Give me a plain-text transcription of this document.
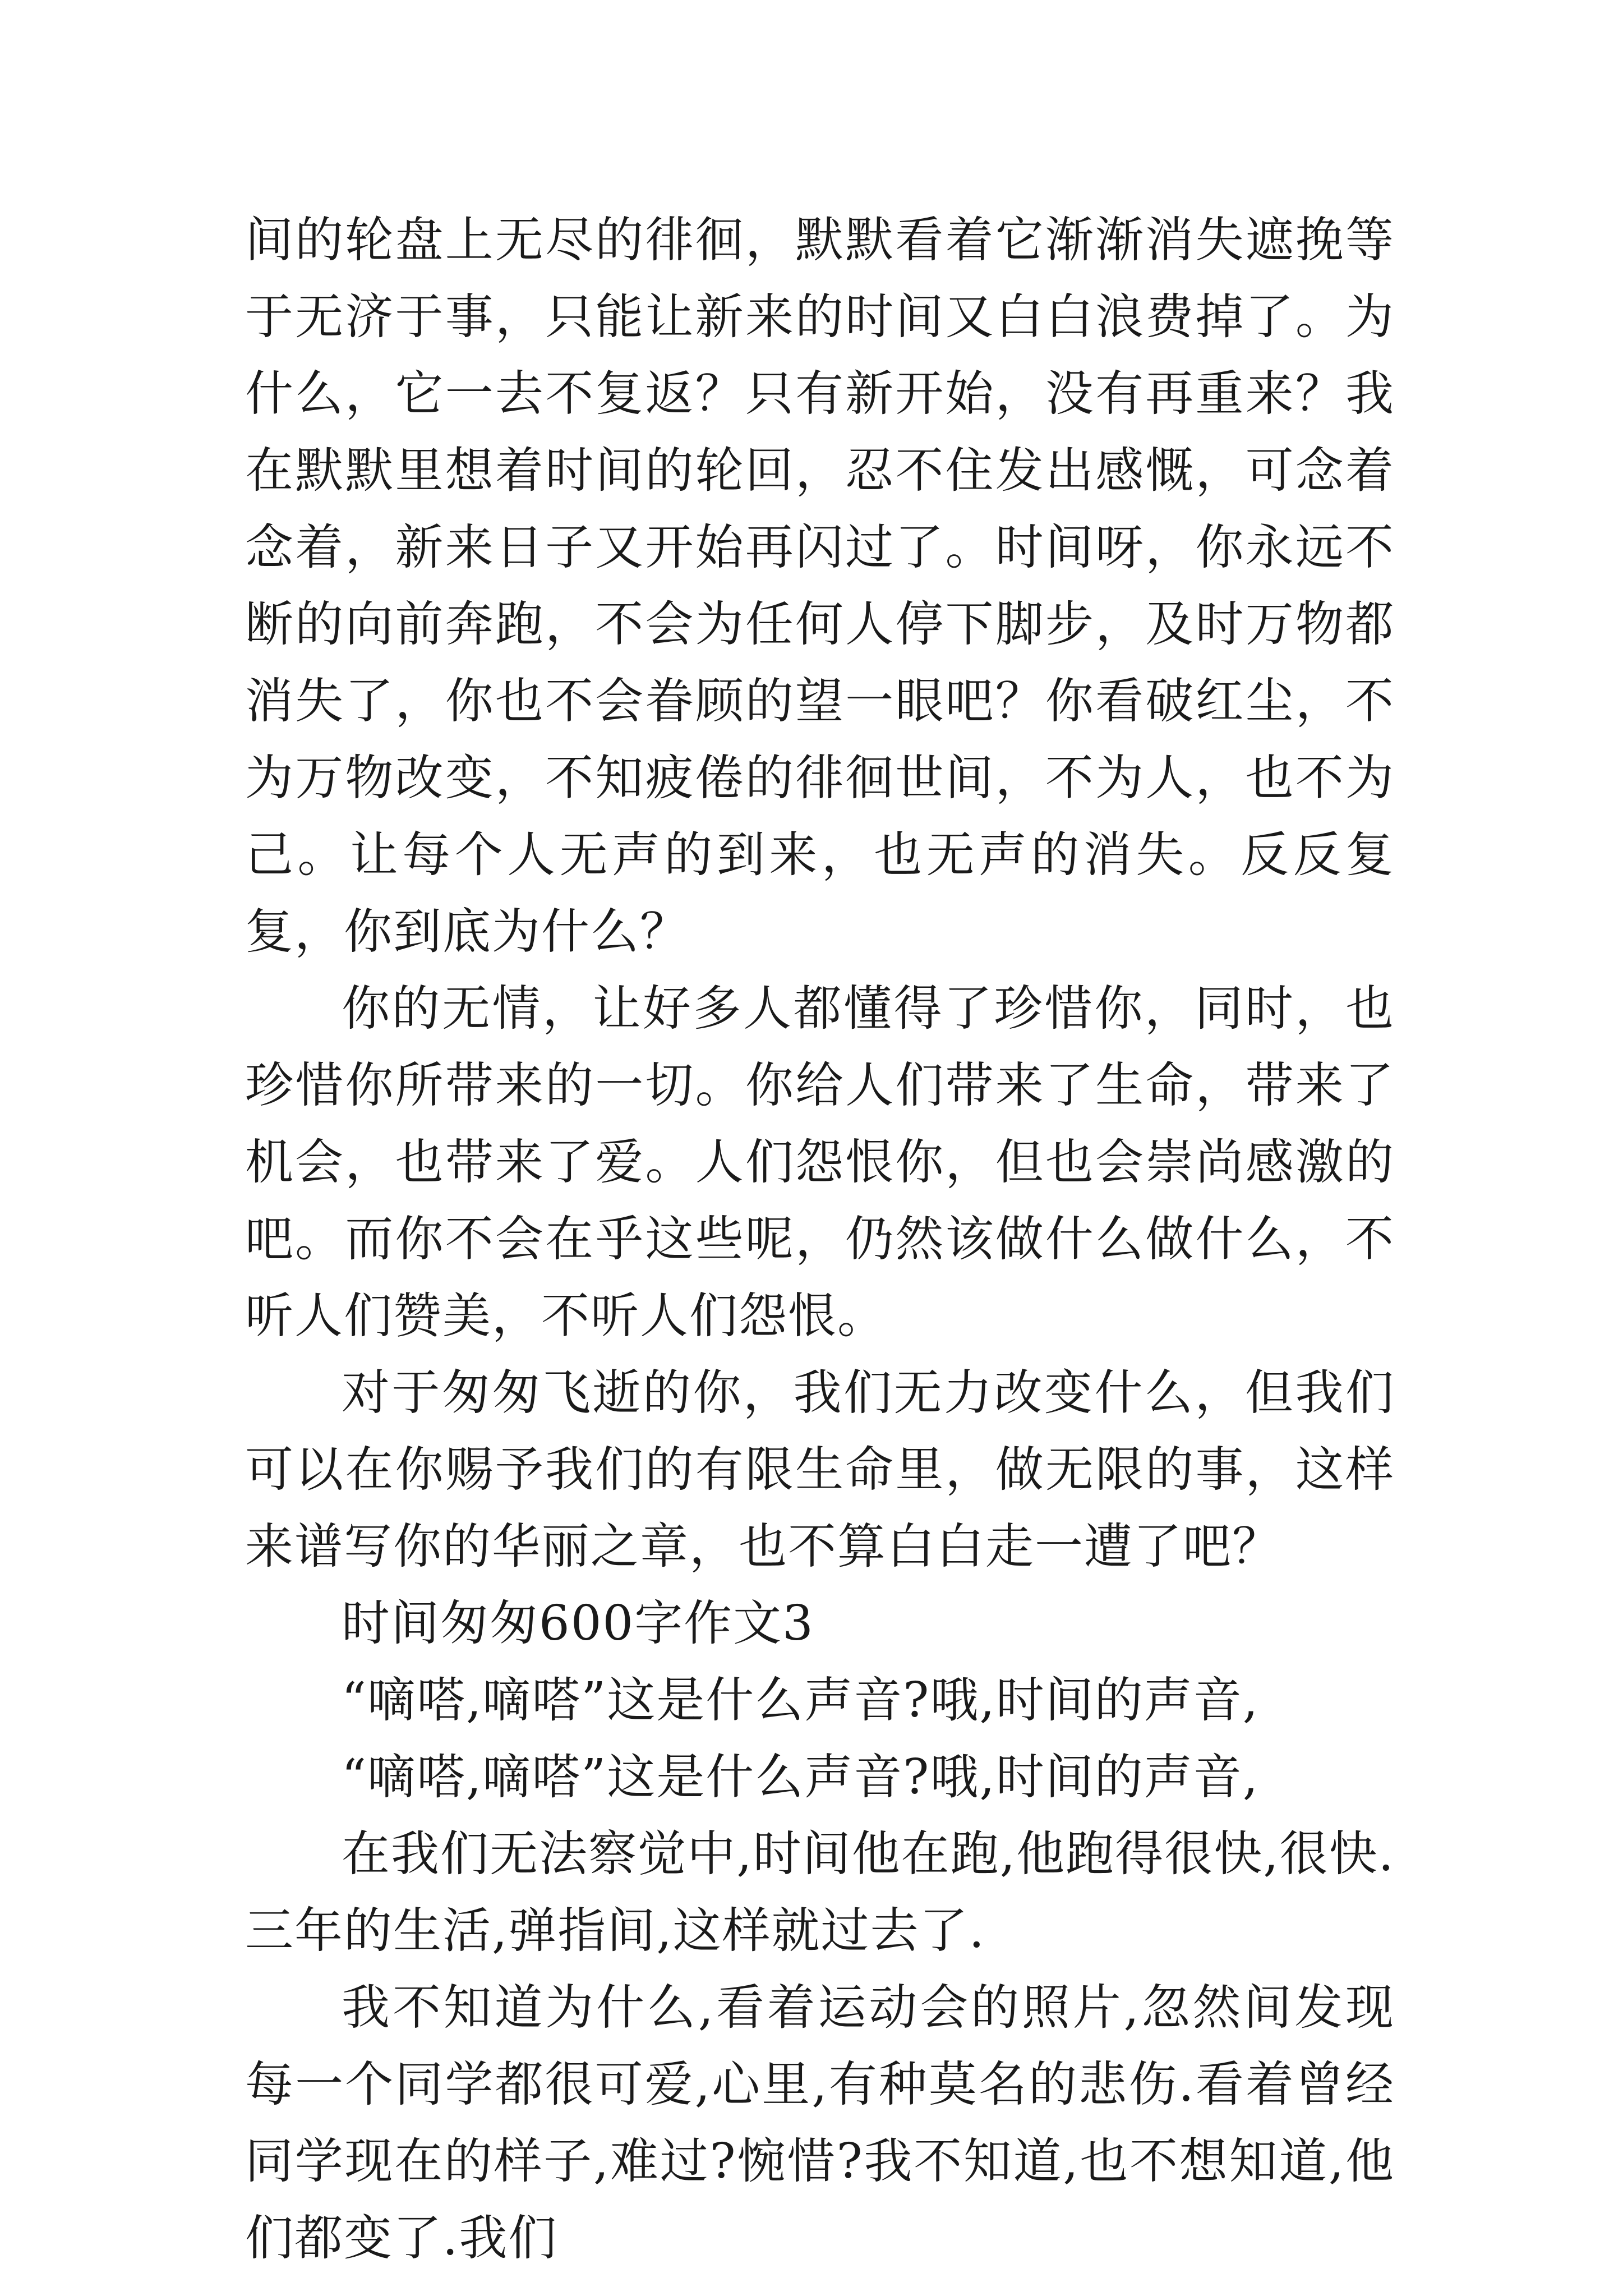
间的轮盘上无尽的徘徊，默默看着它渐渐消失遮挽等于无济于事，只能让新来的时间又白白浪费掉了。为什么，它一去不复返？只有新开始，没有再重来？我在默默里想着时间的轮回，忍不住发出感慨，可念着念着，新来日子又开始再闪过了。时间呀，你永远不断的向前奔跑，不会为任何人停下脚步，及时万物都消失了，你也不会眷顾的望一眼吧？你看破红尘，不为万物改变，不知疲倦的徘徊世间，不为人，也不为己。让每个人无声的到来，也无声的消失。反反复复，你到底为什么？

你的无情，让好多人都懂得了珍惜你，同时，也珍惜你所带来的一切。你给人们带来了生命，带来了机会，也带来了爱。人们怨恨你，但也会崇尚感激的吧。而你不会在乎这些呢，仍然该做什么做什么，不听人们赞美，不听人们怨恨。

对于匆匆飞逝的你，我们无力改变什么，但我们可以在你赐予我们的有限生命里，做无限的事，这样来谱写你的华丽之章，也不算白白走一遭了吧？

时间匆匆600字作文3

“嘀嗒,嘀嗒”这是什么声音?哦,时间的声音,

“嘀嗒,嘀嗒”这是什么声音?哦,时间的声音,

在我们无法察觉中,时间他在跑,他跑得很快,很快.三年的生活,弹指间,这样就过去了.

我不知道为什么,看着运动会的照片,忽然间发现每一个同学都很可爱,心里,有种莫名的悲伤.看着曾经同学现在的样子,难过?惋惜?我不知道,也不想知道,他们都变了.我们
